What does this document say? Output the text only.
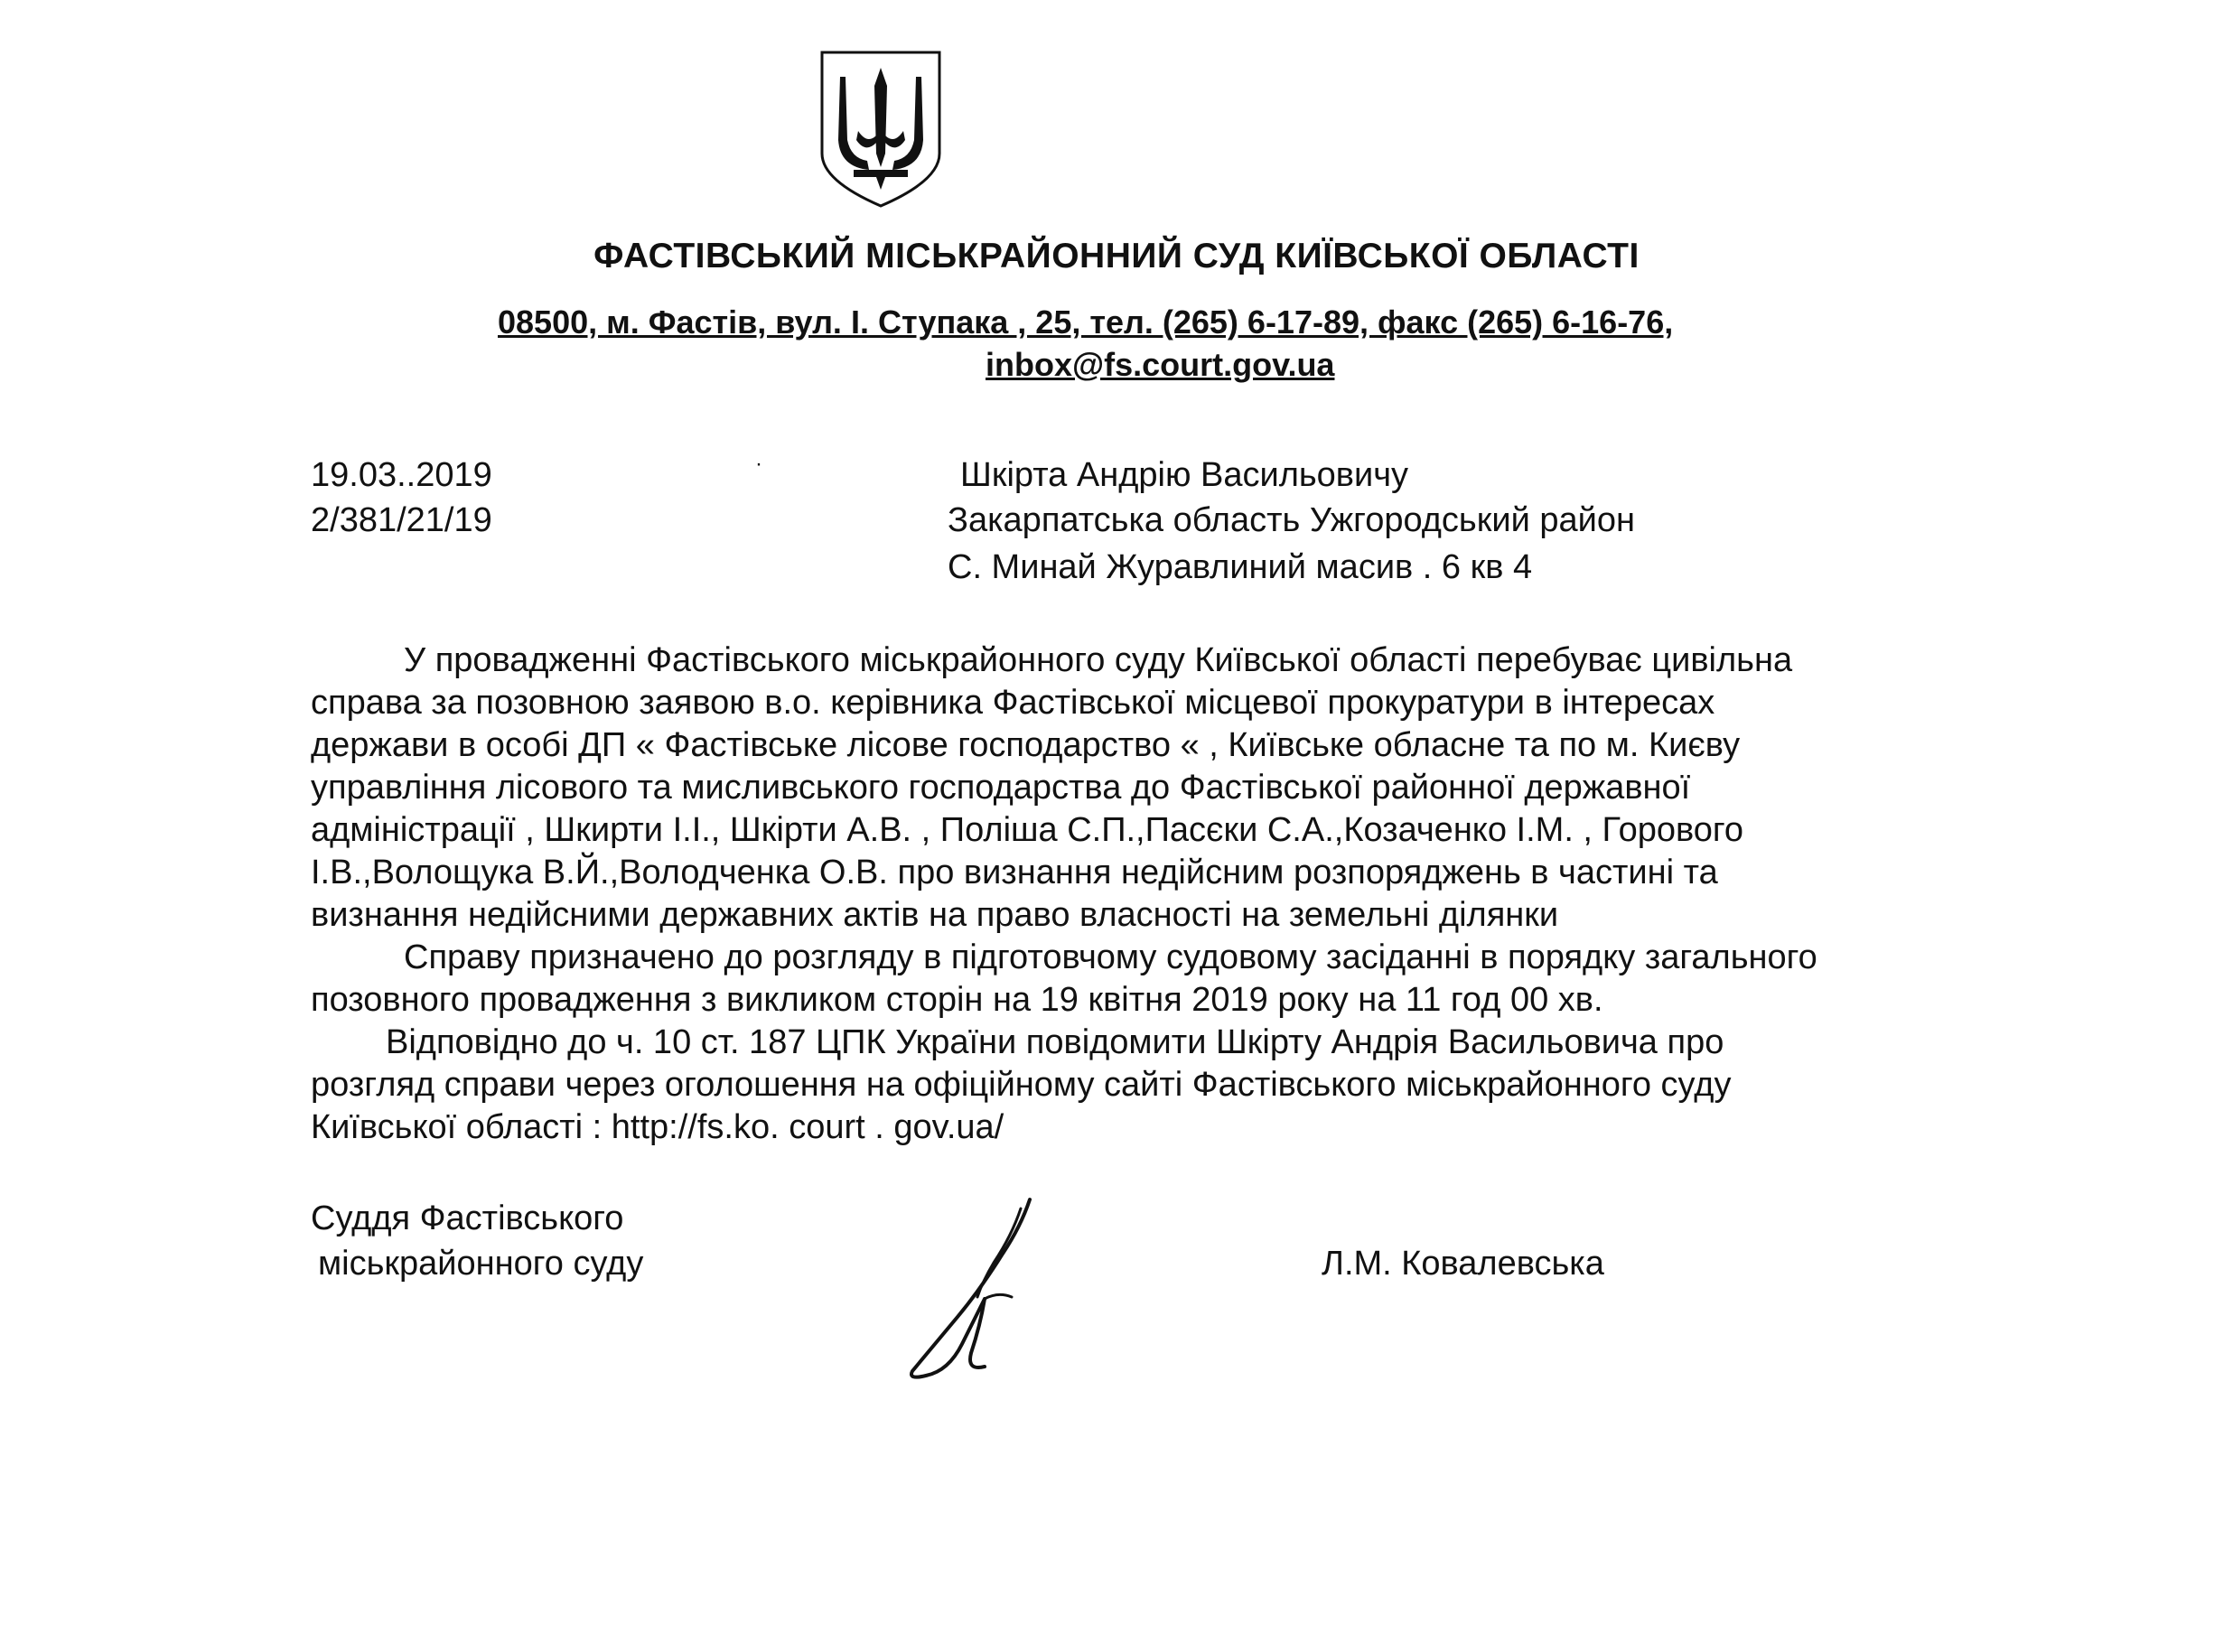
ФАСТІВСЬКИЙ МІСЬКРАЙОННИЙ СУД КИЇВСЬКОЇ ОБЛАСТІ
08500, м. Фастів, вул. І. Ступака , 25, тел. (265) 6-17-89, факс (265) 6-16-76,
inbox@fs.court.gov.ua
19.03..2019
2/381/21/19
·	Шкірта Андрію Васильовичу
Закарпатська область Ужгородський район
С. Минай Журавлиний масив . 6 кв 4
У провадженні Фастівського міськрайонного суду Київської області перебуває цивільна
справа за позовною заявою в.о. керівника Фастівської місцевої прокуратури в інтересах
держави в особі ДП « Фастівське лісове господарство « , Київське обласне та по м. Києву
управління лісового та мисливського господарства до Фастівської районної державної
адміністрації , Шкирти І.І., Шкірти А.В. , Поліша С.П.,Пасєки С.А.,Козаченко І.М. , Горового
І.В.,Волощука В.Й.,Володченка О.В. про визнання недійсним розпоряджень в частині та
визнання недійсними державних актів на право власності на земельні ділянки
Справу призначено до розгляду в підготовчому судовому засіданні в порядку загального
позовного провадження з викликом сторін на 19 квітня 2019 року на 11 год 00 хв.
Відповідно до ч. 10 ст. 187 ЦПК України повідомити Шкірту Андрія Васильовича про
розгляд справи через оголошення на офіційному сайті Фастівського міськрайонного суду
Київської області : http://fs.ko. court . gov.ua/
Суддя Фастівського
міськрайонного суду	Л.М. Ковалевська
